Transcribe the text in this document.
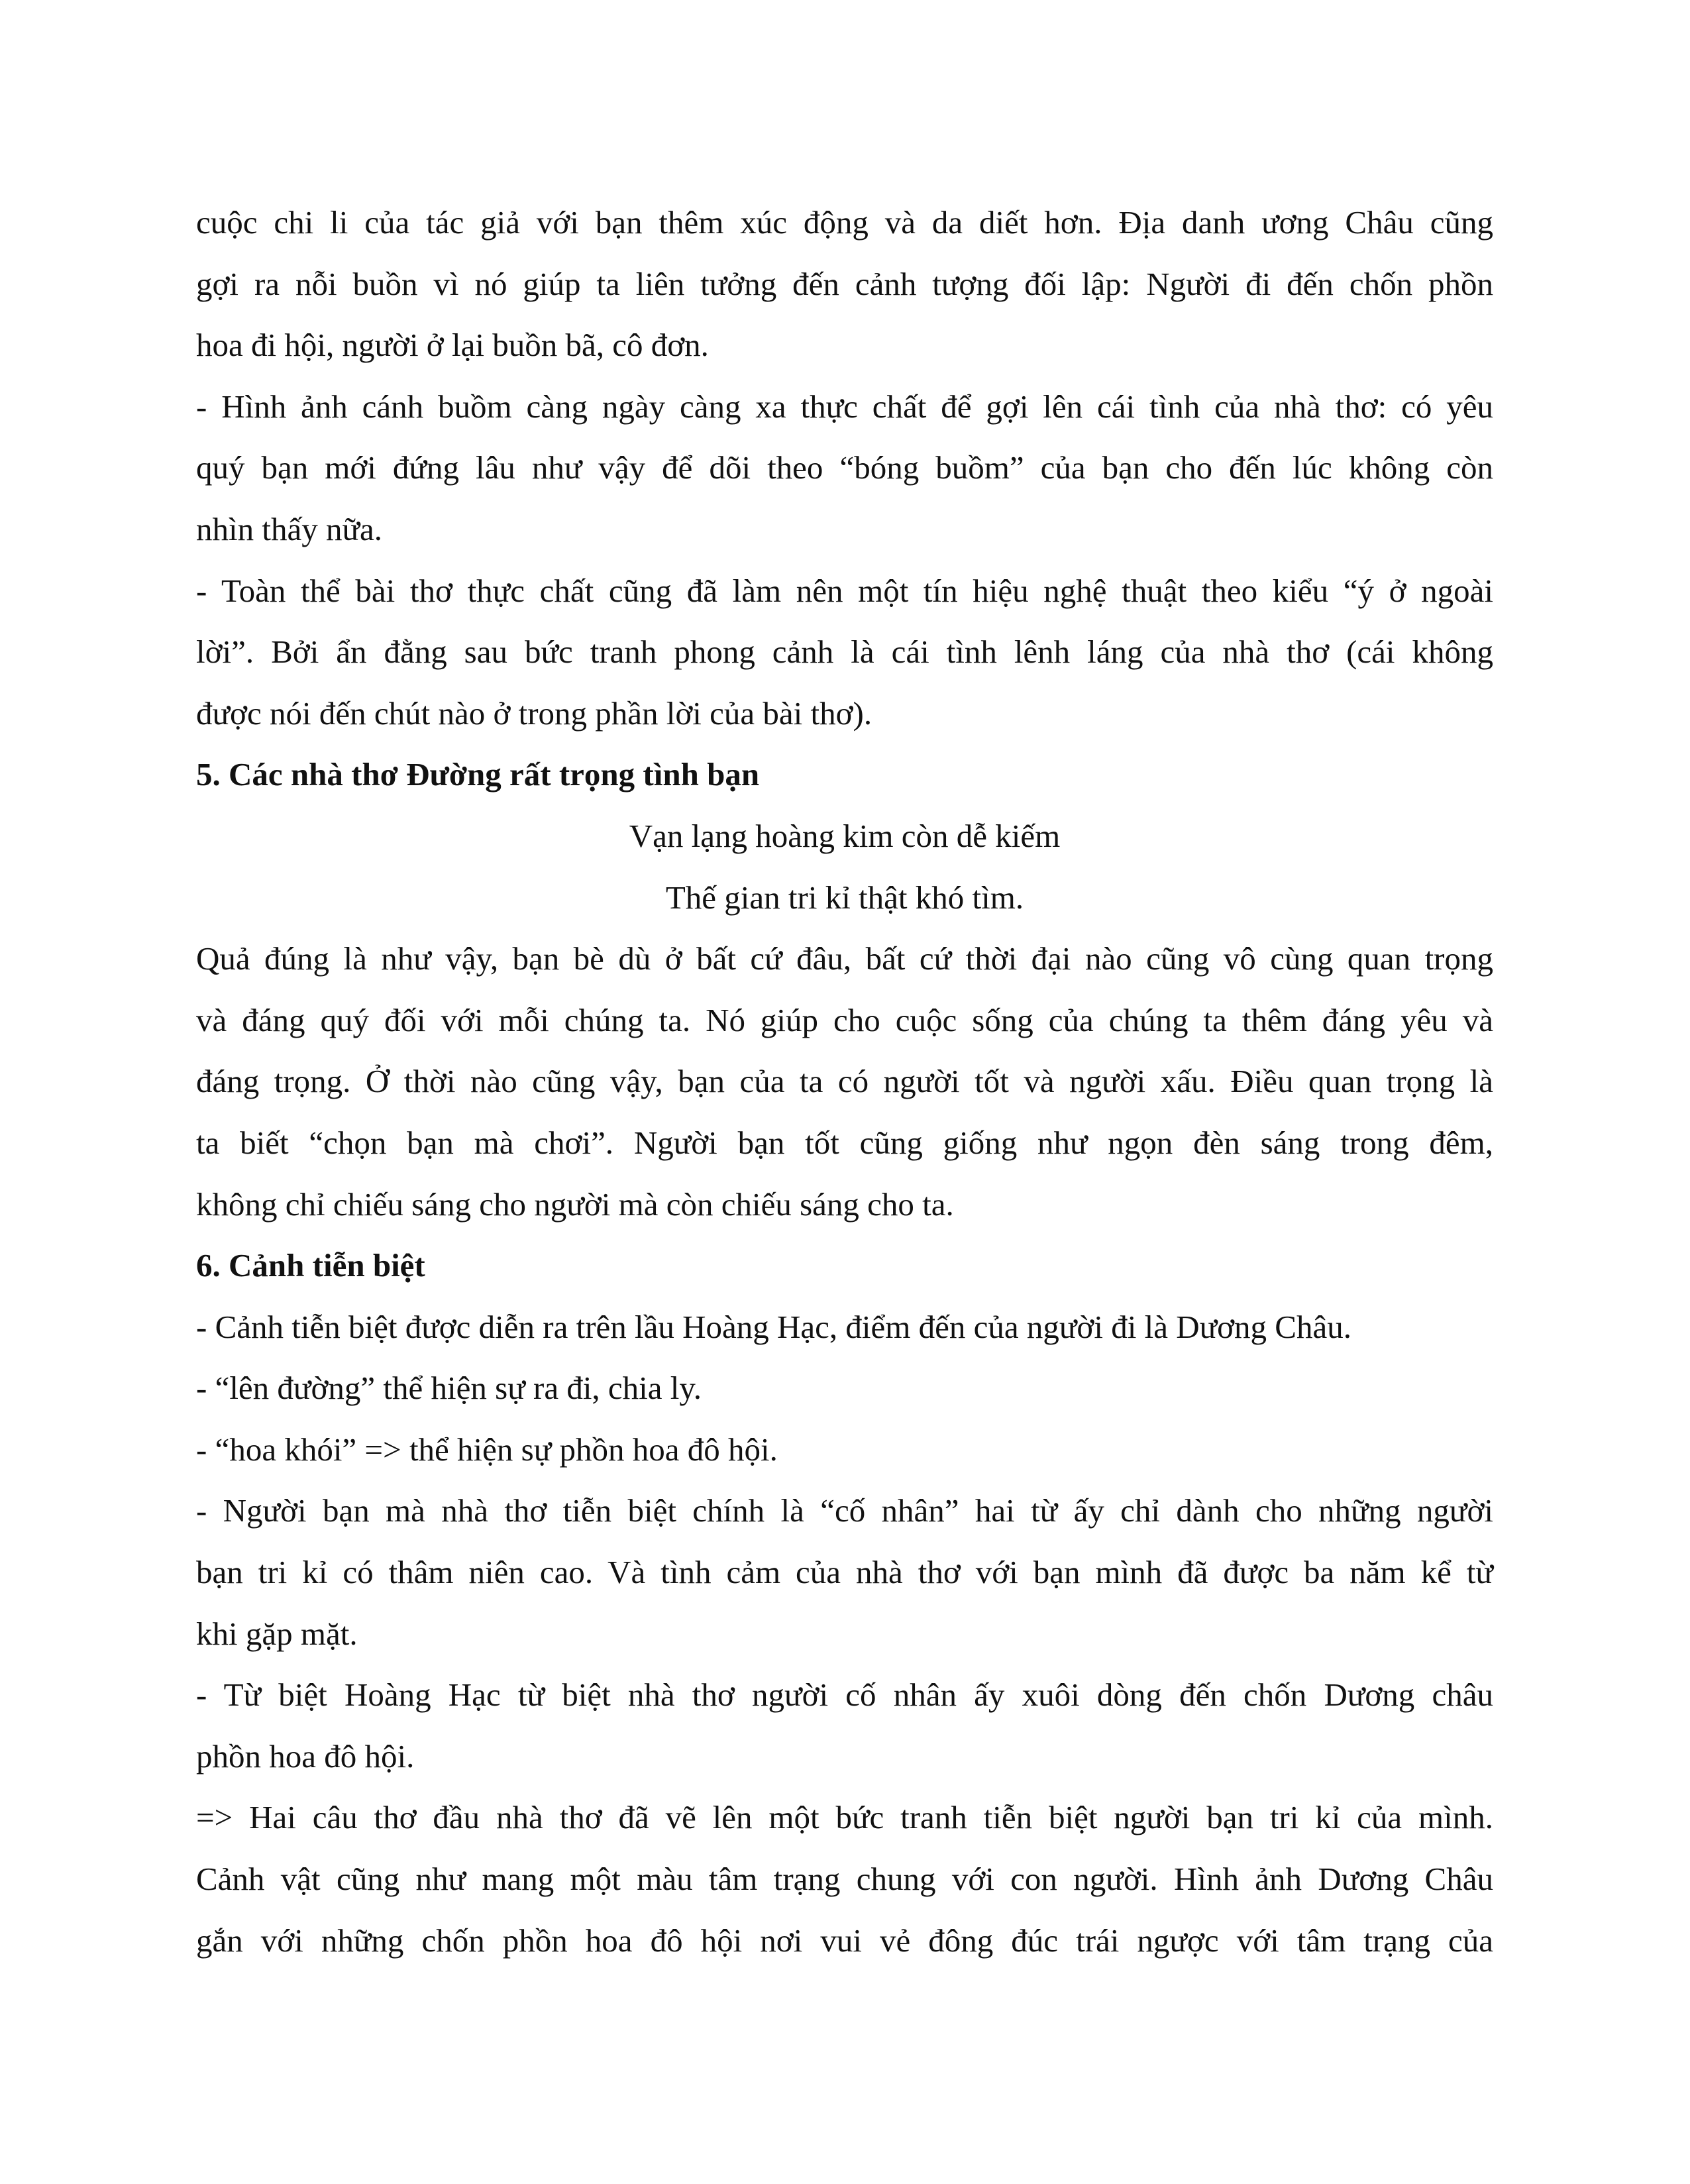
cuộc chi li của tác giả với bạn thêm xúc động và da diết hơn. Địa danh ương Châu cũng
gợi ra nỗi buồn vì nó giúp ta liên tưởng đến cảnh tượng đối lập: Người đi đến chốn phồn
hoa đi hội, người ở lại buồn bã, cô đơn.
- Hình ảnh cánh buồm càng ngày càng xa thực chất để gợi lên cái tình của nhà thơ: có yêu
quý bạn mới đứng lâu như vậy để dõi theo “bóng buồm” của bạn cho đến lúc không còn
nhìn thấy nữa.
- Toàn thể bài thơ thực chất cũng đã làm nên một tín hiệu nghệ thuật theo kiểu “ý ở ngoài
lời”. Bởi ẩn đằng sau bức tranh phong cảnh là cái tình lênh láng của nhà thơ (cái không
được nói đến chút nào ở trong phần lời của bài thơ).
5. Các nhà thơ Đường rất trọng tình bạn
Vạn lạng hoàng kim còn dễ kiếm
Thế gian tri kỉ thật khó tìm.
Quả đúng là như vậy, bạn bè dù ở bất cứ đâu, bất cứ thời đại nào cũng vô cùng quan trọng
và đáng quý đối với mỗi chúng ta. Nó giúp cho cuộc sống của chúng ta thêm đáng yêu và
đáng trọng. Ở thời nào cũng vậy, bạn của ta có người tốt và người xấu. Điều quan trọng là
ta biết “chọn bạn mà chơi”. Người bạn tốt cũng giống như ngọn đèn sáng trong đêm,
không chỉ chiếu sáng cho người mà còn chiếu sáng cho ta.
6. Cảnh tiễn biệt
- Cảnh tiễn biệt được diễn ra trên lầu Hoàng Hạc, điểm đến của người đi là Dương Châu.
- “lên đường” thể hiện sự ra đi, chia ly.
- “hoa khói” => thể hiện sự phồn hoa đô hội.
- Người bạn mà nhà thơ tiễn biệt chính là “cố nhân” hai từ ấy chỉ dành cho những người
bạn tri kỉ có thâm niên cao. Và tình cảm của nhà thơ với bạn mình đã được ba năm kể từ
khi gặp mặt.
- Từ biệt Hoàng Hạc từ biệt nhà thơ người cố nhân ấy xuôi dòng đến chốn Dương châu
phồn hoa đô hội.
=> Hai câu thơ đầu nhà thơ đã vẽ lên một bức tranh tiễn biệt người bạn tri kỉ của mình.
Cảnh vật cũng như mang một màu tâm trạng chung với con người. Hình ảnh Dương Châu
gắn với những chốn phồn hoa đô hội nơi vui vẻ đông đúc trái ngược với tâm trạng của
